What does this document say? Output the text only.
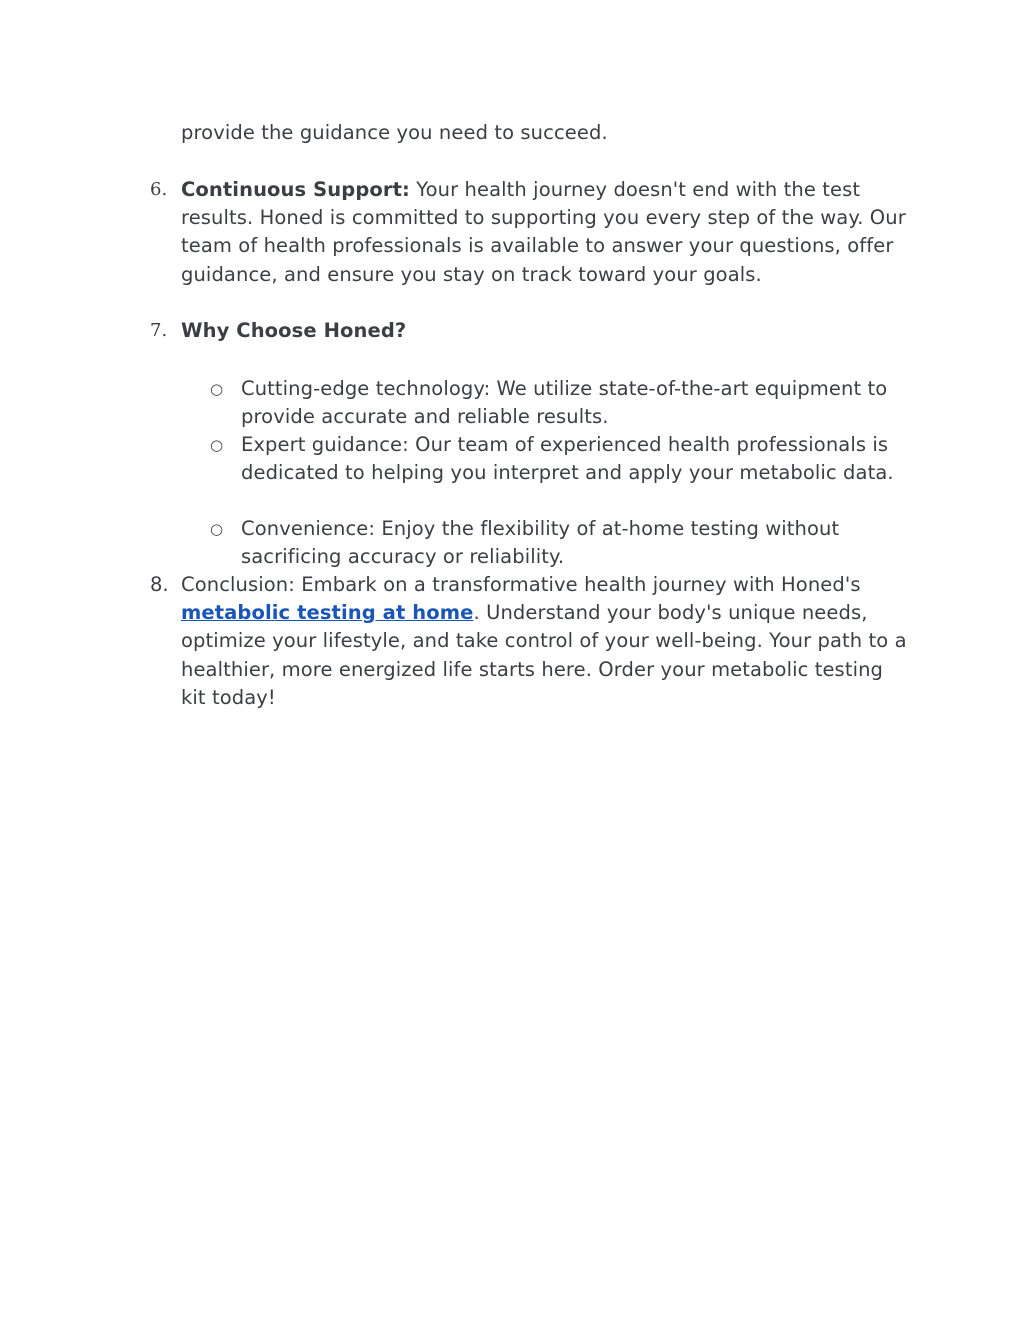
provide the guidance you need to succeed.
6. Continuous Support: Your health journey doesn't end with the test results. Honed is committed to supporting you every step of the way. Our team of health professionals is available to answer your questions, offer guidance, and ensure you stay on track toward your goals.
7. Why Choose Honed?
○ Cutting-edge technology: We utilize state-of-the-art equipment to provide accurate and reliable results.
○ Expert guidance: Our team of experienced health professionals is dedicated to helping you interpret and apply your metabolic data.
○ Convenience: Enjoy the flexibility of at-home testing without sacrificing accuracy or reliability.
8. Conclusion: Embark on a transformative health journey with Honed's metabolic testing at home. Understand your body's unique needs, optimize your lifestyle, and take control of your well-being. Your path to a healthier, more energized life starts here. Order your metabolic testing kit today!
